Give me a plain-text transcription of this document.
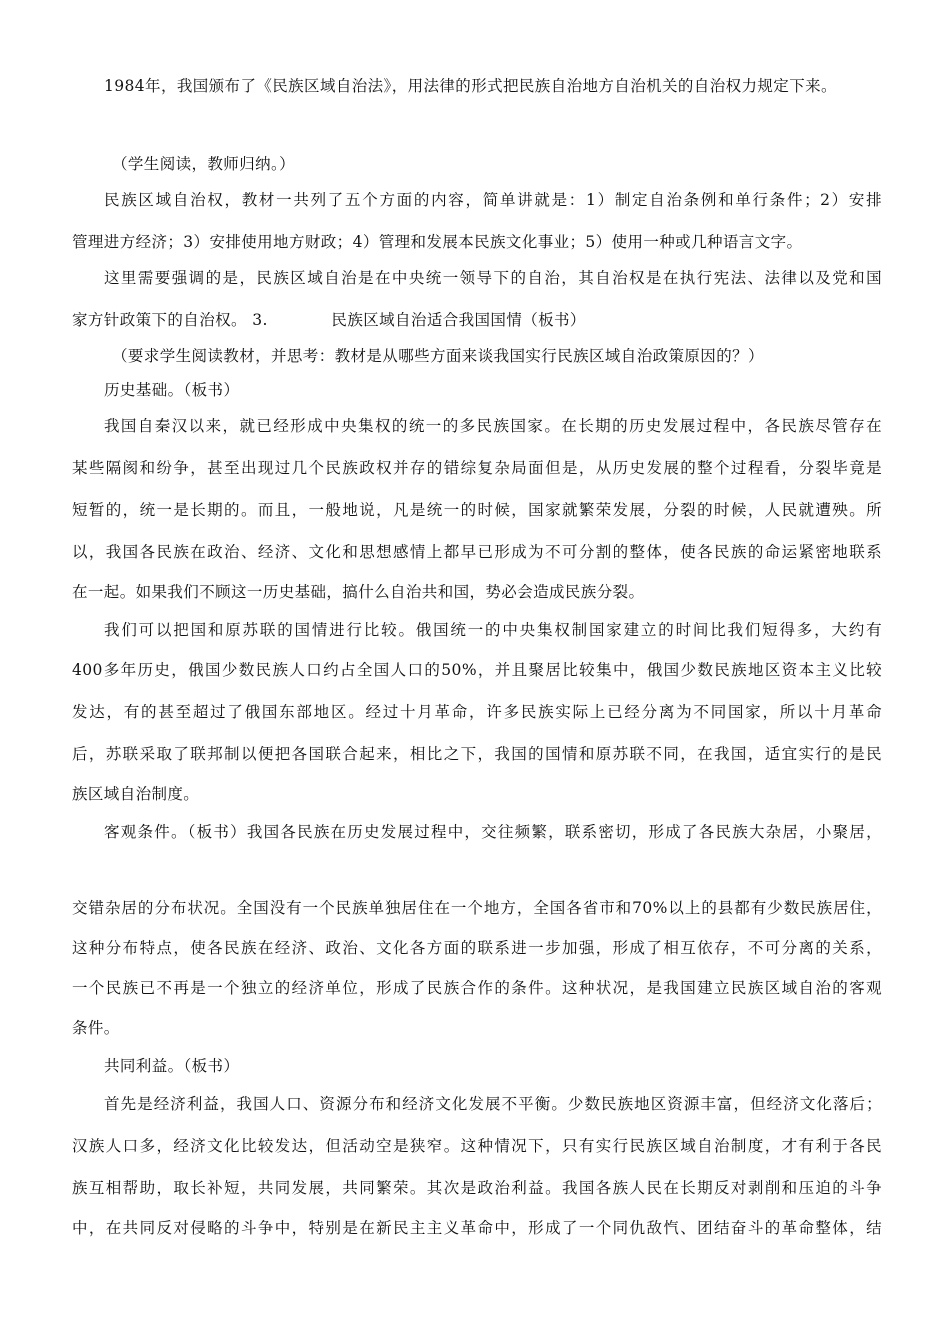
1984年，我国颁布了《民族区域自治法》，用法律的形式把民族自治地方自治机关的自治权力规定下来。
（学生阅读，教师归纳。）
民族区域自治权，教材一共列了五个方面的内容，简单讲就是：1）制定自治条例和单行条件；2）安排
管理进方经济；3）安排使用地方财政；4）管理和发展本民族文化事业；5）使用一种或几种语言文字。
这里需要强调的是，民族区域自治是在中央统一领导下的自治，其自治权是在执行宪法、法律以及党和国
家方针政策下的自治权。 3.　　　　民族区域自治适合我国国情（板书）
（要求学生阅读教材，并思考：教材是从哪些方面来谈我国实行民族区域自治政策原因的？）
历史基础。（板书）
我国自秦汉以来，就已经形成中央集权的统一的多民族国家。在长期的历史发展过程中，各民族尽管存在
某些隔阂和纷争，甚至出现过几个民族政权并存的错综复杂局面但是，从历史发展的整个过程看，分裂毕竟是
短暂的，统一是长期的。而且，一般地说，凡是统一的时候，国家就繁荣发展，分裂的时候，人民就遭殃。所
以，我国各民族在政治、经济、文化和思想感情上都早已形成为不可分割的整体，使各民族的命运紧密地联系
在一起。如果我们不顾这一历史基础，搞什么自治共和国，势必会造成民族分裂。
我们可以把国和原苏联的国情进行比较。俄国统一的中央集权制国家建立的时间比我们短得多，大约有
400多年历史，俄国少数民族人口约占全国人口的50%，并且聚居比较集中，俄国少数民族地区资本主义比较
发达，有的甚至超过了俄国东部地区。经过十月革命，许多民族实际上已经分离为不同国家，所以十月革命
后，苏联采取了联邦制以便把各国联合起来，相比之下，我国的国情和原苏联不同，在我国，适宜实行的是民
族区域自治制度。
客观条件。（板书）我国各民族在历史发展过程中，交往频繁，联系密切，形成了各民族大杂居，小聚居，
交错杂居的分布状况。全国没有一个民族单独居住在一个地方，全国各省市和70%以上的县都有少数民族居住，
这种分布特点，使各民族在经济、政治、文化各方面的联系进一步加强，形成了相互依存，不可分离的关系，
一个民族已不再是一个独立的经济单位，形成了民族合作的条件。这种状况，是我国建立民族区域自治的客观
条件。
共同利益。（板书）
首先是经济利益，我国人口、资源分布和经济文化发展不平衡。少数民族地区资源丰富，但经济文化落后；
汉族人口多，经济文化比较发达，但活动空是狭窄。这种情况下，只有实行民族区域自治制度，才有利于各民
族互相帮助，取长补短，共同发展，共同繁荣。其次是政治利益。我国各族人民在长期反对剥削和压迫的斗争
中，在共同反对侵略的斗争中，特别是在新民主主义革命中，形成了一个同仇敌忾、团结奋斗的革命整体，结
